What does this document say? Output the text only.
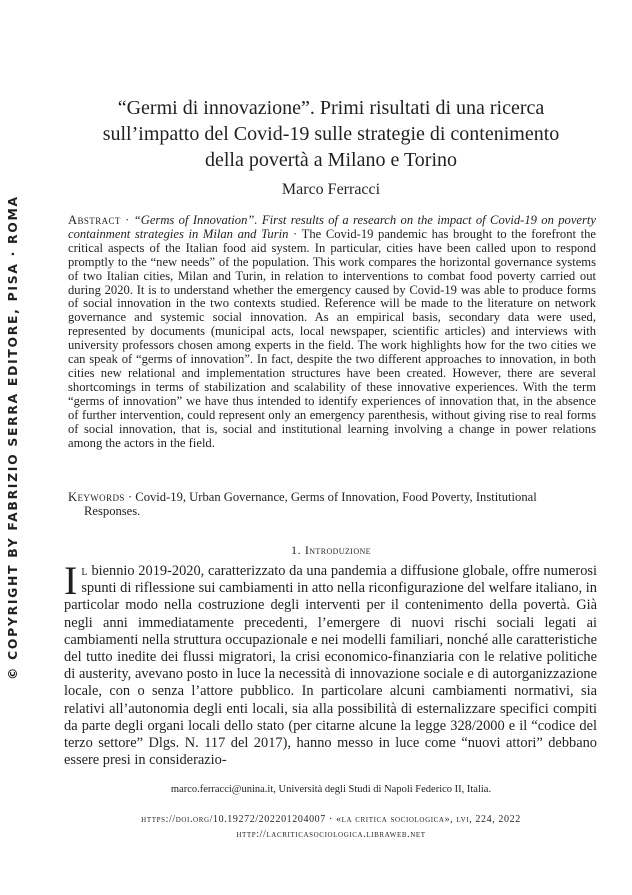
© COPYRIGHT BY FABRIZIO SERRA EDITORE, PISA · ROMA
“Germi di innovazione”. Primi risultati di una ricerca
sull’impatto del Covid-19 sulle strategie di contenimento
della povertà a Milano e Torino
Marco Ferracci

Abstract · “Germs of Innovation”. First results of a research on the impact of Covid-19 on poverty containment strategies in Milan and Turin · The Covid-19 pandemic has brought to the forefront the critical aspects of the Italian food aid system. In particular, cities have been called upon to respond promptly to the “new needs” of the population. This work compares the horizontal governance systems of two Italian cities, Milan and Turin, in relation to interventions to combat food poverty carried out during 2020. It is to understand whether the emergency caused by Covid-19 was able to produce forms of social innovation in the two contexts studied. Reference will be made to the literature on network governance and systemic social innovation. As an empirical basis, secondary data were used, represented by documents (municipal acts, local newspaper, scientific articles) and interviews with university professors chosen among experts in the field. The work highlights how for the two cities we can speak of “germs of innovation”. In fact, despite the two different approaches to innovation, in both cities new relational and implementation structures have been created. However, there are several shortcomings in terms of stabilization and scalability of these innovative experiences. With the term “germs of innovation” we have thus intended to identify experiences of innovation that, in the absence of further intervention, could represent only an emergency parenthesis, without giving rise to real forms of social innovation, that is, social and institutional learning involving a change in power relations among the actors in the field.

Keywords · Covid-19, Urban Governance, Germs of Innovation, Food Poverty, Institutional Responses.
1. Introduzione

Il biennio 2019-2020, caratterizzato da una pandemia a diffusione globale, offre numerosi spunti di riflessione sui cambiamenti in atto nella riconfigurazione del welfare italiano, in particolar modo nella costruzione degli interventi per il contenimento della povertà. Già negli anni immediatamente precedenti, l’emergere di nuovi rischi sociali legati ai cambiamenti nella struttura occupazionale e nei modelli familiari, nonché alle caratteristiche del tutto inedite dei flussi migratori, la crisi economico-finanziaria con le relative politiche di austerity, avevano posto in luce la necessità di innovazione sociale e di autorganizzazione locale, con o senza l’attore pubblico. In particolare alcuni cambiamenti normativi, sia relativi all’autonomia degli enti locali, sia alla possibilità di esternalizzare specifici compiti da parte degli organi locali dello stato (per citarne alcune la legge 328/2000 e il “codice del terzo settore” Dlgs. N. 117 del 2017), hanno messo in luce come “nuovi attori” debbano essere presi in considerazio-

marco.ferracci@unina.it, Università degli Studi di Napoli Federico II, Italia.
https://doi.org/10.19272/202201204007 · «la critica sociologica», lvi, 224, 2022
http://lacriticasociologica.libraweb.net
